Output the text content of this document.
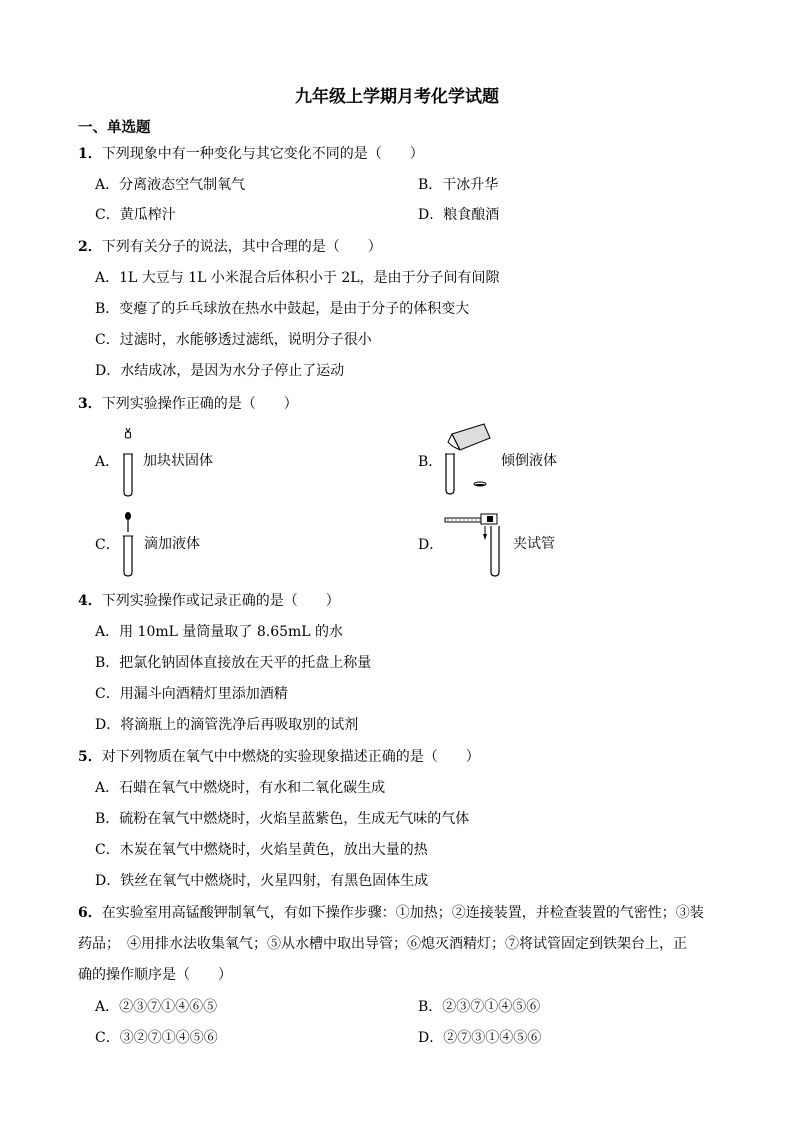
九年级上学期月考化学试题
一、单选题
1．下列现象中有一种变化与其它变化不同的是（　　）
A．分离液态空气制氧气	B．干冰升华
C．黄瓜榨汁	D．粮食酿酒
2．下列有关分子的说法，其中合理的是（　　）
A．1L 大豆与 1L 小米混合后体积小于 2L，是由于分子间有间隙
B．变瘪了的乒乓球放在热水中鼓起，是由于分子的体积变大
C．过滤时，水能够透过滤纸，说明分子很小
D．水结成冰，是因为水分子停止了运动
3．下列实验操作正确的是（　　）
A． 加块状固体	B．	倾倒液体
C． 滴加液体	D．	夹试管
4．下列实验操作或记录正确的是（　　）
A．用 10mL 量筒量取了 8.65mL 的水
B．把氯化钠固体直接放在天平的托盘上称量
C．用漏斗向酒精灯里添加酒精
D．将滴瓶上的滴管洗净后再吸取别的试剂
5．对下列物质在氧气中中燃烧的实验现象描述正确的是（　　）
A．石蜡在氧气中燃烧时，有水和二氧化碳生成
B．硫粉在氧气中燃烧时，火焰呈蓝紫色，生成无气味的气体
C．木炭在氧气中燃烧时，火焰呈黄色，放出大量的热
D．铁丝在氧气中燃烧时，火星四射，有黑色固体生成
6．在实验室用高锰酸钾制氧气，有如下操作步骤：①加热；②连接装置，并检查装置的气密性；③装
药品；　④用排水法收集氧气；⑤从水槽中取出导管；⑥熄灭酒精灯；⑦将试管固定到铁架台上，正
确的操作顺序是（　　）
A．②③⑦①④⑥⑤	B．②③⑦①④⑤⑥
C．③②⑦①④⑤⑥	D．②⑦③①④⑤⑥
